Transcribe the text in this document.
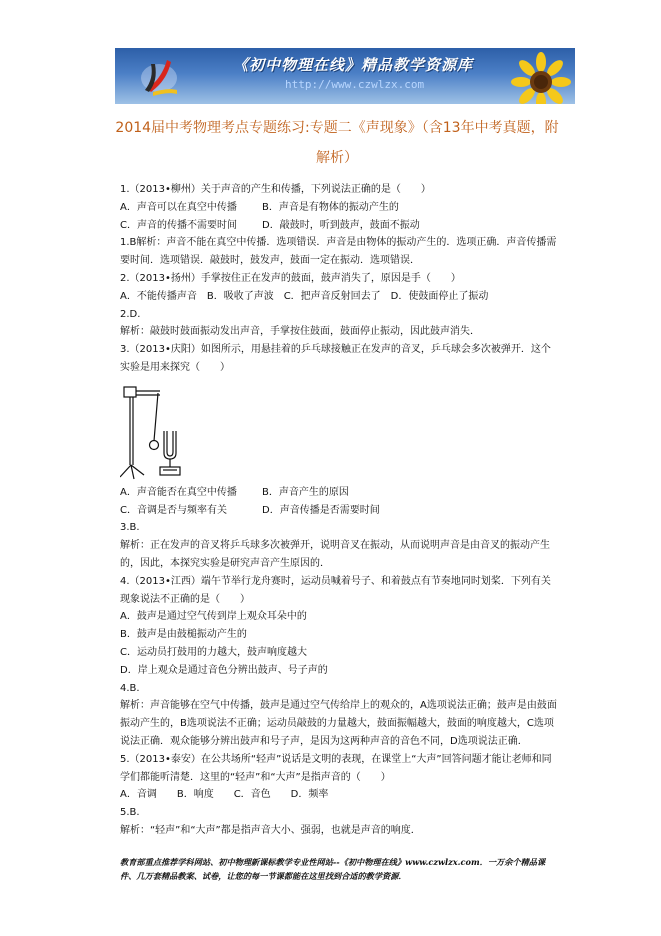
《初中物理在线》精品教学资源库
http://www.czwlzx.com
2014届中考物理考点专题练习:专题二《声现象》（含13年中考真题，附解析）

1.（2013•柳州）关于声音的产生和传播，下列说法正确的是（　　）

A．声音可以在真空中传播	B．声音是有物体的振动产生的
C．声音的传播不需要时间	D．敲鼓时，听到鼓声，鼓面不振动

1.B解析：声音不能在真空中传播．选项错误．声音是由物体的振动产生的．选项正确．声音传播需要时间．选项错误．敲鼓时，鼓发声，鼓面一定在振动．选项错误．

2.（2013•扬州）手掌按住正在发声的鼓面，鼓声消失了，原因是手（　　）

A．不能传播声音　B．吸收了声波　C．把声音反射回去了　D．使鼓面停止了振动

2.D.

解析：敲鼓时鼓面振动发出声音，手掌按住鼓面，鼓面停止振动，因此鼓声消失．

3.（2013•庆阳）如图所示，用悬挂着的乒乓球接触正在发声的音叉，乒乓球会多次被弹开．这个实验是用来探究（　　）

A．声音能否在真空中传播	B．声音产生的原因
C．音调是否与频率有关	D．声音传播是否需要时间

3.B.

解析：正在发声的音叉将乒乓球多次被弹开，说明音叉在振动，从而说明声音是由音叉的振动产生的，因此，本探究实验是研究声音产生原因的．

4.（2013•江西）端午节举行龙舟赛时，运动员喊着号子、和着鼓点有节奏地同时划桨．下列有关现象说法不正确的是（　　）

A．鼓声是通过空气传到岸上观众耳朵中的

B．鼓声是由鼓槌振动产生的

C．运动员打鼓用的力越大，鼓声响度越大

D．岸上观众是通过音色分辨出鼓声、号子声的

4.B.

解析：声音能够在空气中传播，鼓声是通过空气传给岸上的观众的，A选项说法正确；鼓声是由鼓面振动产生的，B选项说法不正确；运动员敲鼓的力量越大，鼓面振幅越大，鼓面的响度越大，C选项说法正确．观众能够分辨出鼓声和号子声，是因为这两种声音的音色不同，D选项说法正确．

5.（2013•泰安）在公共场所“轻声”说话是文明的表现，在课堂上“大声”回答问题才能让老师和同学们都能听清楚．这里的“轻声”和“大声”是指声音的（　　）

A．音调　　B．响度　　C．音色　　D．频率

5.B.

解析：“轻声”和“大声”都是指声音大小、强弱，也就是声音的响度．

教育部重点推荐学科网站、初中物理新课标教学专业性网站--《初中物理在线》www.czwlzx.com．一万余个精品课件、几万套精品教案、试卷，让您的每一节课都能在这里找到合适的教学资源．
